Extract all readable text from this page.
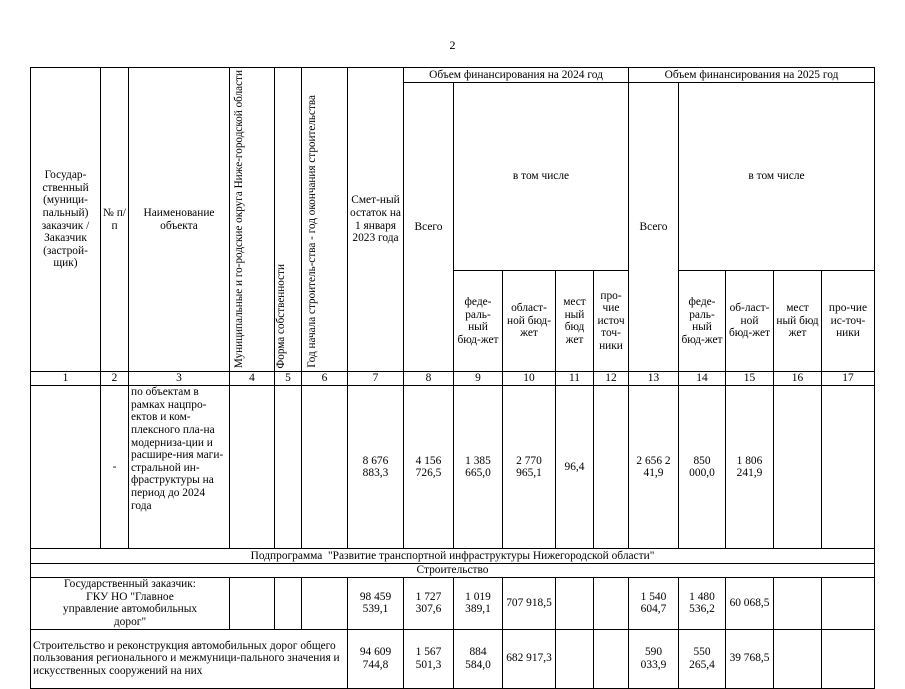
2
Государ-ственный (муници-пальный) заказчик / Заказчик (застрой-щик)	№ п/п	Наименование объекта	Муниципальные и го-родские округа Ниже-городской области	Форма собственности	Год начала строитель-ства - год окончания строительства	Смет-ный остаток на 1 января 2023 года	Объем финансирования на 2024 год					Объем финансирования на 2025 год				
							Всего	в том числе				Всего	в том числе			
								феде-раль-ный бюд-жет	област-ной бюд-жет	мест ный бюд жет	про-чие источ точ-ники		феде-раль-ный бюд-жет	об-ласт-ной бюд-жет	мест ный бюд жет	про-чие ис-точ-ники
1	2	3	4	5	6	7	8	9	10	11	12	13	14	15	16	17
	-	по объектам в рамках нацпро-ектов и ком-плексного пла-на модерниза-ции и расшире-ния маги-стральной ин-фраструктуры на период до 2024 года				8 676 883,3	4 156 726,5	1 385 665,0	2 770 965,1	96,4		2 656 2 41,9	850 000,0	1 806 241,9		
Подпрограмма  "Развитие транспортной инфраструктуры Нижегородской области"																
Строительство																
Государственный заказчик: ГКУ НО "Главное управление автомобильных дорог"						98 459 539,1	1 727 307,6	1 019 389,1	707 918,5			1 540 604,7	1 480 536,2	60 068,5		
Строительство и реконструкция автомобильных дорог общего пользования регионального и межмуници-пального значения и искусственных сооружений на них						94 609 744,8	1 567 501,3	884 584,0	682 917,3			590 033,9	550 265,4	39 768,5		
